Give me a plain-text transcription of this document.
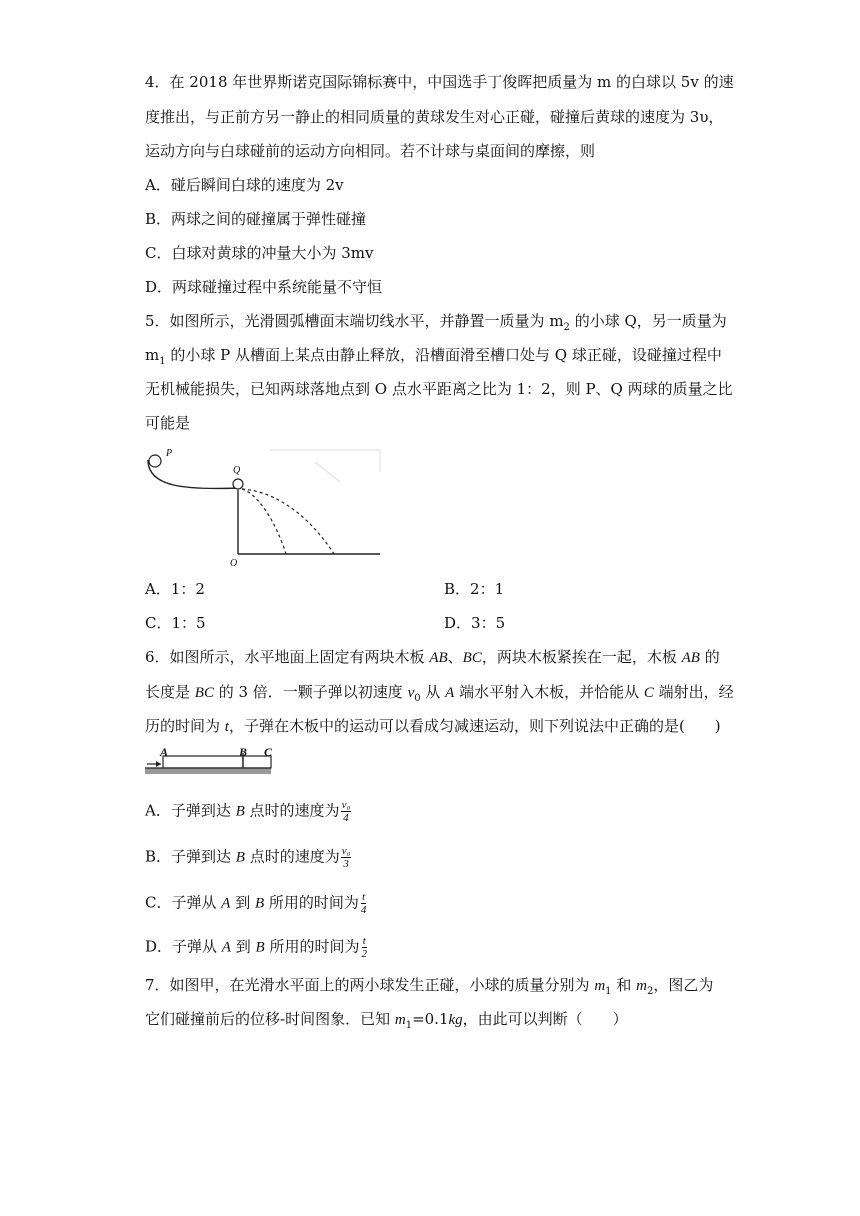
4．在 2018 年世界斯诺克国际锦标赛中，中国选手丁俊晖把质量为 m 的白球以 5v 的速
度推出，与正前方另一静止的相同质量的黄球发生对心正碰，碰撞后黄球的速度为 3υ，
运动方向与白球碰前的运动方向相同。若不计球与桌面间的摩擦，则
A．碰后瞬间白球的速度为 2v
B．两球之间的碰撞属于弹性碰撞
C．白球对黄球的冲量大小为 3mv
D．两球碰撞过程中系统能量不守恒
5．如图所示，光滑圆弧槽面末端切线水平，并静置一质量为 $m_2$ 的小球 Q，另一质量为
$m_1$ 的小球 P 从槽面上某点由静止释放，沿槽面滑至槽口处与 Q 球正碰，设碰撞过程中
无机械能损失，已知两球落地点到 O 点水平距离之比为 1：2，则 P、Q 两球的质量之比
可能是
P
Q
O
A．1：2	B．2：1
C．1：5	D．3：5
6．如图所示，水平地面上固定有两块木板 AB、BC，两块木板紧挨在一起，木板 AB 的
长度是 BC 的 3 倍．一颗子弹以初速度 $v_0$ 从 A 端水平射入木板，并恰能从 C 端射出，经
历的时间为 t，子弹在木板中的运动可以看成匀减速运动，则下列说法中正确的是(　　)
A	B C
A．子弹到达 B 点时的速度为 $\frac{\text{v₀}}{4}$
B．子弹到达 B 点时的速度为 $\frac{\text{v₀}}{3}$
C．子弹从 A 到 B 所用的时间为 $\frac{t}{4}$
D．子弹从 A 到 B 所用的时间为 $\frac{t}{2}$
7．如图甲，在光滑水平面上的两小球发生正碰，小球的质量分别为 $m_1$ 和 $m_2$，图乙为
它们碰撞前后的位移-时间图象．已知 $m_1=0.1kg$，由此可以判断（　　）
